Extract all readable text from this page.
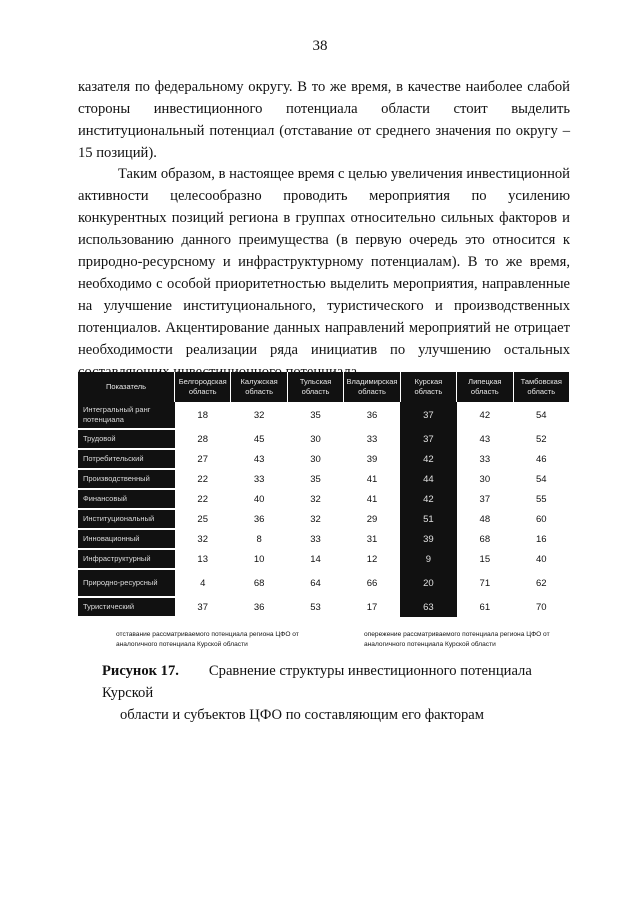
38

казателя по федеральному округу. В то же время, в качестве наиболее слабой стороны инвестиционного потенциала области стоит выделить институциональный потенциал (отставание от среднего значения по округу – 15 позиций).

Таким образом, в настоящее время с целью увеличения инвестиционной активности целесообразно проводить мероприятия по усилению конкурентных позиций региона в группах относительно сильных факторов и использованию данного преимущества (в первую очередь это относится к природно-ресурсному и инфраструктурному потенциалам). В то же время, необходимо с особой приоритетностью выделить мероприятия, направленные на улучшение институционального, туристического и производственных потенциалов. Акцентирование данных направлений мероприятий не отрицает необходимости реализации ряда инициатив по улучшению остальных

Показатель	Белгородская область	Калужская область	Тульская область	Владимирская область	Курская область	Липецкая область	Тамбовская область
Интегральный ранг потенциала	18	32	35	36	37	42	54
Трудовой	28	45	30	33	37	43	52
Потребительский	27	43	30	39	42	33	46
Производственный	22	33	35	41	44	30	54
Финансовый	22	40	32	41	42	37	55
Институциональный	25	36	32	29	51	48	60
Инновационный	32	8	33	31	39	68	16
Инфраструктурный	13	10	14	12	9	15	40
Природно-ресурсный	4	68	64	66	20	71	62
Туристический	37	36	53	17	63	61	70
отставание рассматриваемого потенциала региона ЦФО от аналогичного потенциала Курской области
опережение рассматриваемого потенциала региона ЦФО от аналогичного потенциала Курской области
Рисунок 17. Сравнение структуры инвестиционного потенциала Курской
области и субъектов ЦФО по составляющим его факторам
